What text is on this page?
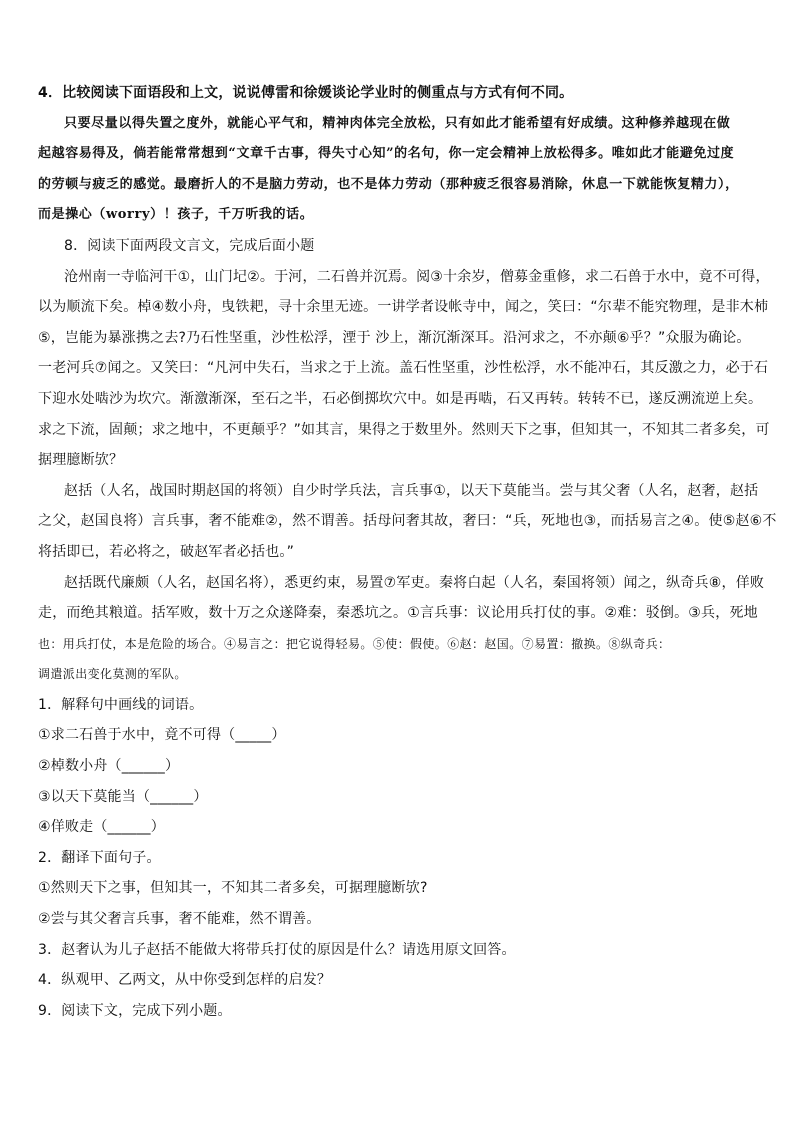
4．比较阅读下面语段和上文，说说傅雷和徐媛谈论学业时的侧重点与方式有何不同。
只要尽量以得失置之度外，就能心平气和，精神肉体完全放松，只有如此才能希望有好成绩。这种修养越现在做
起越容易得及，倘若能常常想到“文章千古事，得失寸心知”的名句，你一定会精神上放松得多。唯如此才能避免过度
的劳顿与疲乏的感觉。最磨折人的不是脑力劳动，也不是体力劳动（那种疲乏很容易消除，休息一下就能恢复精力），
而是操心（worry）！孩子，千万听我的话。
8．阅读下面两段文言文，完成后面小题
沧州南一寺临河干①，山门圮②。于河，二石兽并沉焉。阅③十余岁，僧募金重修，求二石兽于水中，竟不可得，
以为顺流下矣。棹④数小舟，曳铁耙，寻十余里无迹。一讲学者设帐寺中，闻之，笑曰：“尔辈不能究物理，是非木杮
⑤，岂能为暴涨携之去?乃石性坚重，沙性松浮，湮于 沙上，渐沉渐深耳。沿河求之，不亦颠⑥乎？”众服为确论。
一老河兵⑦闻之。又笑曰：“凡河中失石，当求之于上流。盖石性坚重，沙性松浮，水不能冲石，其反激之力，必于石
下迎水处啮沙为坎穴。渐激渐深，至石之半，石必倒掷坎穴中。如是再啮，石又再转。转转不已，遂反溯流逆上矣。
求之下流，固颠；求之地中，不更颠乎？”如其言，果得之于数里外。然则天下之事，但知其一，不知其二者多矣，可
据理臆断欤？
赵括（人名，战国时期赵国的将领）自少时学兵法，言兵事①，以天下莫能当。尝与其父奢（人名，赵奢，赵括
之父，赵国良将）言兵事，奢不能难②，然不谓善。括母问奢其故，奢曰：“兵，死地也③，而括易言之④。使⑤赵⑥不
将括即已，若必将之，破赵军者必括也。”
赵括既代廉颇（人名，赵国名将），悉更约束，易置⑦军吏。秦将白起（人名，秦国将领）闻之，纵奇兵⑧，佯败
走，而绝其粮道。括军败，数十万之众遂降秦，秦悉坑之。①言兵事：议论用兵打仗的事。②难：驳倒。③兵，死地
也：用兵打仗，本是危险的场合。④易言之：把它说得轻易。⑤使：假使。⑥赵：赵国。⑦易置：撤换。⑧纵奇兵：
调遣派出变化莫测的军队。
1．解释句中画线的词语。
①求二石兽于水中，竟不可得（_____）
②棹数小舟（______）
③以天下莫能当（______）
④佯败走（______）
2．翻译下面句子。
①然则天下之事，但知其一，不知其二者多矣，可据理臆断欤?
②尝与其父奢言兵事，奢不能难，然不谓善。
3．赵奢认为儿子赵括不能做大将带兵打仗的原因是什么？请选用原文回答。
4．纵观甲、乙两文，从中你受到怎样的启发？
9．阅读下文，完成下列小题。
